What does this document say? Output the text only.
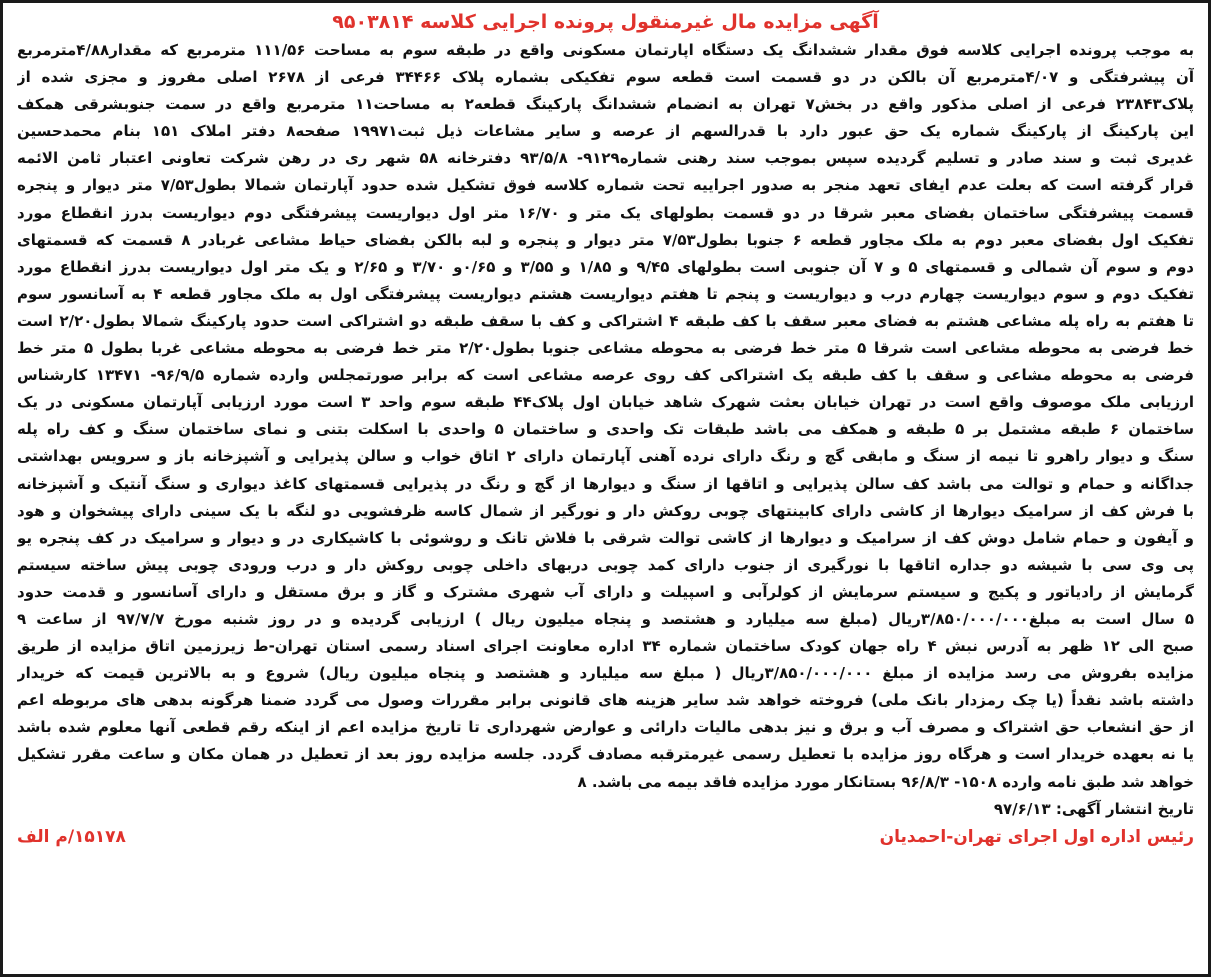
آگهی مزایده مال غیرمنقول پرونده اجرایی کلاسه ۹۵۰۳۸۱۴
به موجب پرونده اجرایی کلاسه فوق مقدار ششدانگ یک دستگاه اپارتمان مسکونی واقع در طبقه سوم به مساحت ۱۱۱/۵۶ مترمربع که مقدار۴/۸۸مترمربع
آن پیشرفتگی و ۴/۰۷مترمربع آن بالکن در دو قسمت است قطعه سوم تفکیکی بشماره پلاک ۳۴۴۶۶ فرعی از ۲۶۷۸ اصلی مفروز و مجزی شده از
پلاک۲۳۸۴۳ فرعی از اصلی مذکور واقع در بخش۷ تهران به انضمام ششدانگ پارکینگ قطعه۲ به مساحت۱۱ مترمربع واقع در سمت جنوبشرقی همکف
این پارکینگ از پارکینگ شماره یک حق عبور دارد با قدرالسهم از عرصه و سایر مشاعات ذیل ثبت۱۹۹۷۱ صفحه۸ دفتر املاک ۱۵۱ بنام محمدحسین
غدیری ثبت و سند صادر و تسلیم گردیده سپس بموجب سند رهنی شماره۹۱۲۹- ۹۳/۵/۸ دفترخانه ۵۸ شهر ری در رهن شرکت تعاونی اعتبار ثامن الائمه
قرار گرفته است که بعلت عدم ایفای تعهد منجر به صدور اجراییه تحت شماره کلاسه فوق تشکیل شده حدود آپارتمان شمالا بطول۷/۵۳ متر دیوار و پنجره
قسمت پیشرفتگی ساختمان بفضای معبر شرقا در دو قسمت بطولهای یک متر و ۱۶/۷۰ متر اول دیواریست پیشرفتگی دوم دیواریست بدرز انقطاع مورد
تفکیک اول بفضای معبر دوم به ملک مجاور قطعه ۶ جنوبا بطول۷/۵۳ متر دیوار و پنجره و لبه بالکن بفضای حیاط مشاعی غربادر ۸ قسمت که قسمتهای
دوم و سوم آن شمالی و قسمتهای ۵ و ۷ آن جنوبی است بطولهای ۹/۴۵ و ۱/۸۵ و ۳/۵۵ و ۰/۶۵و ۳/۷۰ و ۲/۶۵ و یک متر اول دیواریست بدرز انقطاع مورد
تفکیک دوم و سوم دیواریست چهارم درب و دیواریست و پنجم تا هفتم دیواریست هشتم دیواریست پیشرفتگی اول به ملک مجاور قطعه ۴ به آسانسور سوم
تا هفتم به راه پله مشاعی هشتم به فضای معبر سقف با کف طبقه ۴ اشتراکی و کف با سقف طبقه دو اشتراکی است حدود پارکینگ شمالا بطول۲/۲۰ است
خط فرضی به محوطه مشاعی است شرقا ۵ متر خط فرضی به محوطه مشاعی جنوبا بطول۲/۲۰ متر خط فرضی به محوطه مشاعی غربا بطول ۵ متر خط
فرضی به محوطه مشاعی و سقف با کف طبقه یک اشتراکی کف روی عرصه مشاعی است که برابر صورتمجلس وارده شماره ۹۶/۹/۵- ۱۳۴۷۱ کارشناس
ارزیابی ملک موصوف واقع است در تهران خیابان بعثت شهرک شاهد خیابان اول پلاک۴۴ طبقه سوم واحد ۳ است مورد ارزیابی آپارتمان مسکونی در یک
ساختمان ۶ طبقه مشتمل بر ۵ طبقه و همکف می باشد طبقات تک واحدی و ساختمان ۵ واحدی با اسکلت بتنی و نمای ساختمان سنگ و کف راه پله
سنگ و دیوار راهرو تا نیمه از سنگ و مابقی گچ و رنگ دارای نرده آهنی آپارتمان دارای ۲ اتاق خواب و سالن پذیرایی و آشپزخانه باز و سرویس بهداشتی
جداگانه و حمام و توالت می باشد کف سالن پذیرایی و اتاقها از سنگ و دیوارها از گچ و رنگ در پذیرایی قسمتهای کاغذ دیواری و سنگ آنتیک و آشپزخانه
با فرش کف از سرامیک دیوارها از کاشی دارای کابینتهای چوبی روکش دار و نورگیر از شمال کاسه ظرفشویی دو لنگه با یک سینی دارای پیشخوان و هود
و آیفون و حمام شامل دوش کف از سرامیک و دیوارها از کاشی توالت شرقی با فلاش تانک و روشوئی با کاشیکاری در و دیوار و سرامیک در کف پنجره یو
پی وی سی با شیشه دو جداره اتاقها با نورگیری از جنوب دارای کمد چوبی دربهای داخلی چوبی روکش دار و درب ورودی چوبی پیش ساخته سیستم
گرمایش از رادیاتور و پکیج و سیستم سرمایش از کولرآبی و اسپیلت و دارای آب شهری مشترک و گاز و برق مستقل و دارای آسانسور و قدمت حدود
۵ سال است به مبلغ۳/۸۵۰/۰۰۰/۰۰۰ریال (مبلغ سه میلیارد و هشتصد و پنجاه میلیون ریال ) ارزیابی گردیده و در روز شنبه مورخ ۹۷/۷/۷ از ساعت ۹
صبح الی ۱۲ ظهر به آدرس نبش ۴ راه جهان کودک ساختمان شماره ۳۴ اداره معاونت اجرای اسناد رسمی استان تهران-ط زیرزمین اتاق مزایده از طریق
مزایده بفروش می رسد مزایده از مبلغ ۳/۸۵۰/۰۰۰/۰۰۰ریال ( مبلغ سه میلیارد و هشتصد و پنجاه میلیون ریال) شروع و به بالاترین قیمت که خریدار
داشته باشد نقداً (یا چک رمزدار بانک ملی) فروخته خواهد شد سایر هزینه های قانونی برابر مقررات وصول می گردد ضمنا هرگونه بدهی های مربوطه اعم
از حق انشعاب حق اشتراک و مصرف آب و برق و نیز بدهی مالیات دارائی و عوارض شهرداری تا تاریخ مزایده اعم از اینکه رقم قطعی آنها معلوم شده باشد
یا نه بعهده خریدار است و هرگاه روز مزایده با تعطیل رسمی غیرمترقبه مصادف گردد. جلسه مزایده روز بعد از تعطیل در همان مکان و ساعت مقرر تشکیل
خواهد شد طبق نامه وارده ۱۵۰۸- ۹۶/۸/۳ بستانکار مورد مزایده فاقد بیمه می باشد. ۸
تاریخ انتشار آگهی: ۹۷/۶/۱۳
رئیس اداره اول اجرای تهران-احمدیان
۱۵۱۷۸/م الف
